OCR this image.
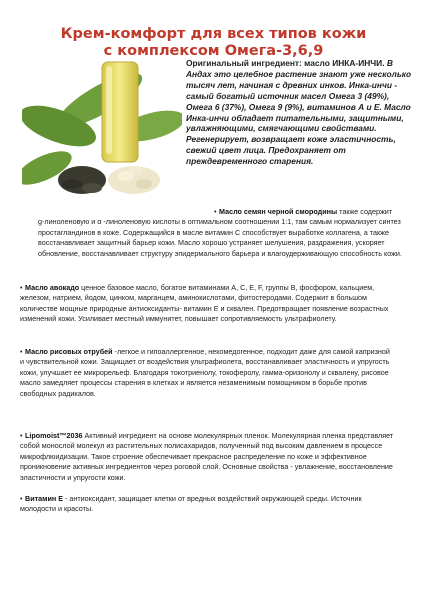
Крем-комфорт для всех типов кожи
с комплексом Омега-3,6,9
Оригинальный ингредиент: масло ИНКА-ИНЧИ. В Андах это целебное растение знают уже несколько тысяч лет, начиная с древних инков. Инка-инчи - самый богатый источник масел Омега 3 (49%), Омега 6 (37%), Омега 9 (9%), витаминов А и Е. Масло Инка-инчи обладает питательными, защитными, увлажняющими, смягчающими свойствами. Регенерирует, возвращает коже эластичность, свежий цвет лица. Предохраняет от преждевременного старения.
• Масло семян черной смородины также содержит
g-линоленовую и α -линоленовую кислоты в оптимальном соотношении 1:1, там самым нормализует синтез простагландинов в коже. Содержащийся в масле витамин С способствует выработке коллагена, а также восстанавливает защитный барьер кожи. Масло хорошо устраняет шелушения, раздражения, ускоряет обновление, восстанавливает структуру эпидермального барьера и влагоудерживающую способность кожи.
• Масло авокадо ценное базовое масло, богатое витаминами A, C, E, F, группы B, фосфором, кальцием, железом, натрием, йодом, цинком, марганцем, аминокислотами, фитостеродами. Содержит в большом количестве мощные природные антиоксиданты- витамин Е и сквален. Предотвращает появление возрастных изменений кожи. Усиливает местный иммунитет, повышает сопротивляемость ультрафиолету.
• Масло рисовых отрубей -легкое и гипоаллергенное, некомедогенное, подходит даже для самой капризной и чувствительной кожи. Защищает от воздействия ультрафиолета, восстанавливает эластичность и упругость кожи, улучшает ее микрорельеф. Благодаря токотриенолу, токоферолу, гамма-оризонолу и сквалену, рисовое масло замедляет процессы старения в клетках и является незаменимым помощником в борьбе против свободных радикалов.
• Lipomoist™2036 Активный ингредиент на основе молекулярных пленок. Молекулярная пленка представляет собой монослой молекул из растительных полисахаридов, полученный под высоким давлением в процессе микрофлюидизации. Такое строение обеспечивает прекрасное распределение по коже и эффективное проникновение активных ингредиентов через роговой слой. Основные свойства - увлажнение, восстановление эластичности и упругости кожи.
• Витамин Е - антиоксидант, защищает клетки от вредных воздействий окружающей среды. Источник молодости и красоты.
